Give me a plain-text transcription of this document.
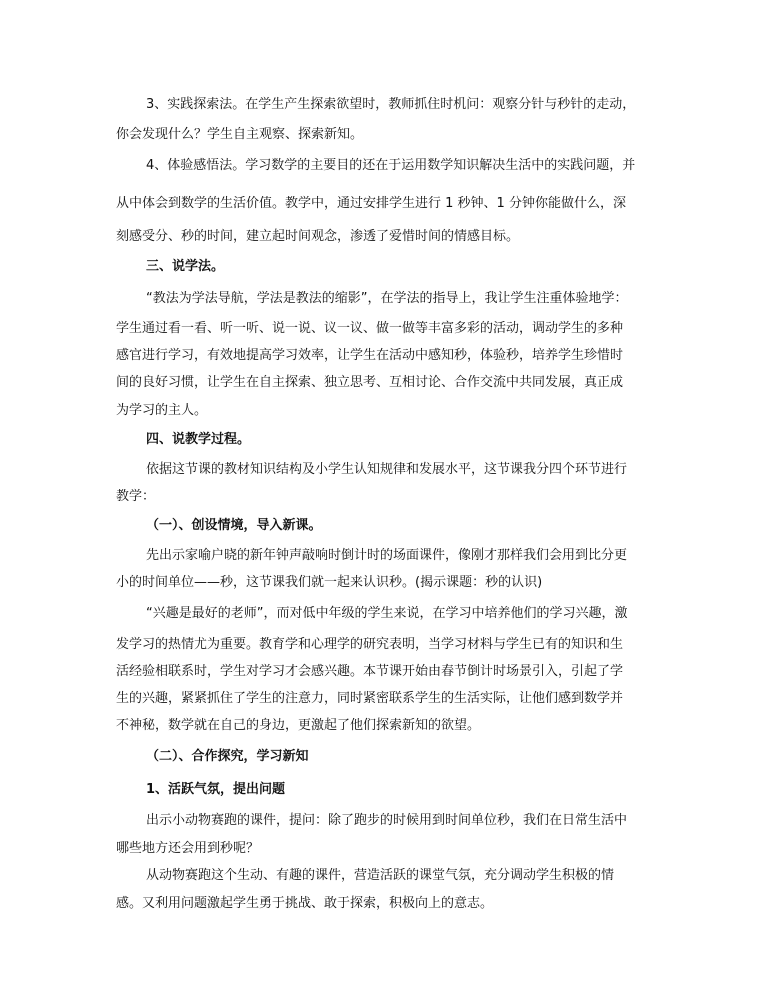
3、实践探索法。在学生产生探索欲望时，教师抓住时机问：观察分针与秒针的走动，

你会发现什么？学生自主观察、探索新知。

4、体验感悟法。学习数学的主要目的还在于运用数学知识解决生活中的实践问题，并

从中体会到数学的生活价值。教学中，通过安排学生进行 1 秒钟、1 分钟你能做什么，深

刻感受分、秒的时间，建立起时间观念，渗透了爱惜时间的情感目标。

三、说学法。

“教法为学法导航，学法是教法的缩影”，在学法的指导上，我让学生注重体验地学：

学生通过看一看、听一听、说一说、议一议、做一做等丰富多彩的活动，调动学生的多种

感官进行学习，有效地提高学习效率，让学生在活动中感知秒，体验秒，培养学生珍惜时

间的良好习惯，让学生在自主探索、独立思考、互相讨论、合作交流中共同发展，真正成

为学习的主人。

四、说教学过程。

依据这节课的教材知识结构及小学生认知规律和发展水平，这节课我分四个环节进行

教学：

（一）、创设情境，导入新课。

先出示家喻户晓的新年钟声敲响时倒计时的场面课件，像刚才那样我们会用到比分更

小的时间单位——秒，这节课我们就一起来认识秒。(揭示课题：秒的认识)

“兴趣是最好的老师”，而对低中年级的学生来说，在学习中培养他们的学习兴趣，激

发学习的热情尤为重要。教育学和心理学的研究表明，当学习材料与学生已有的知识和生

活经验相联系时，学生对学习才会感兴趣。本节课开始由春节倒计时场景引入，引起了学

生的兴趣，紧紧抓住了学生的注意力，同时紧密联系学生的生活实际，让他们感到数学并

不神秘，数学就在自己的身边，更激起了他们探索新知的欲望。

（二）、合作探究，学习新知

1、活跃气氛，提出问题

出示小动物赛跑的课件，提问：除了跑步的时候用到时间单位秒，我们在日常生活中

哪些地方还会用到秒呢？

从动物赛跑这个生动、有趣的课件，营造活跃的课堂气氛，充分调动学生积极的情

感。又利用问题激起学生勇于挑战、敢于探索，积极向上的意志。
